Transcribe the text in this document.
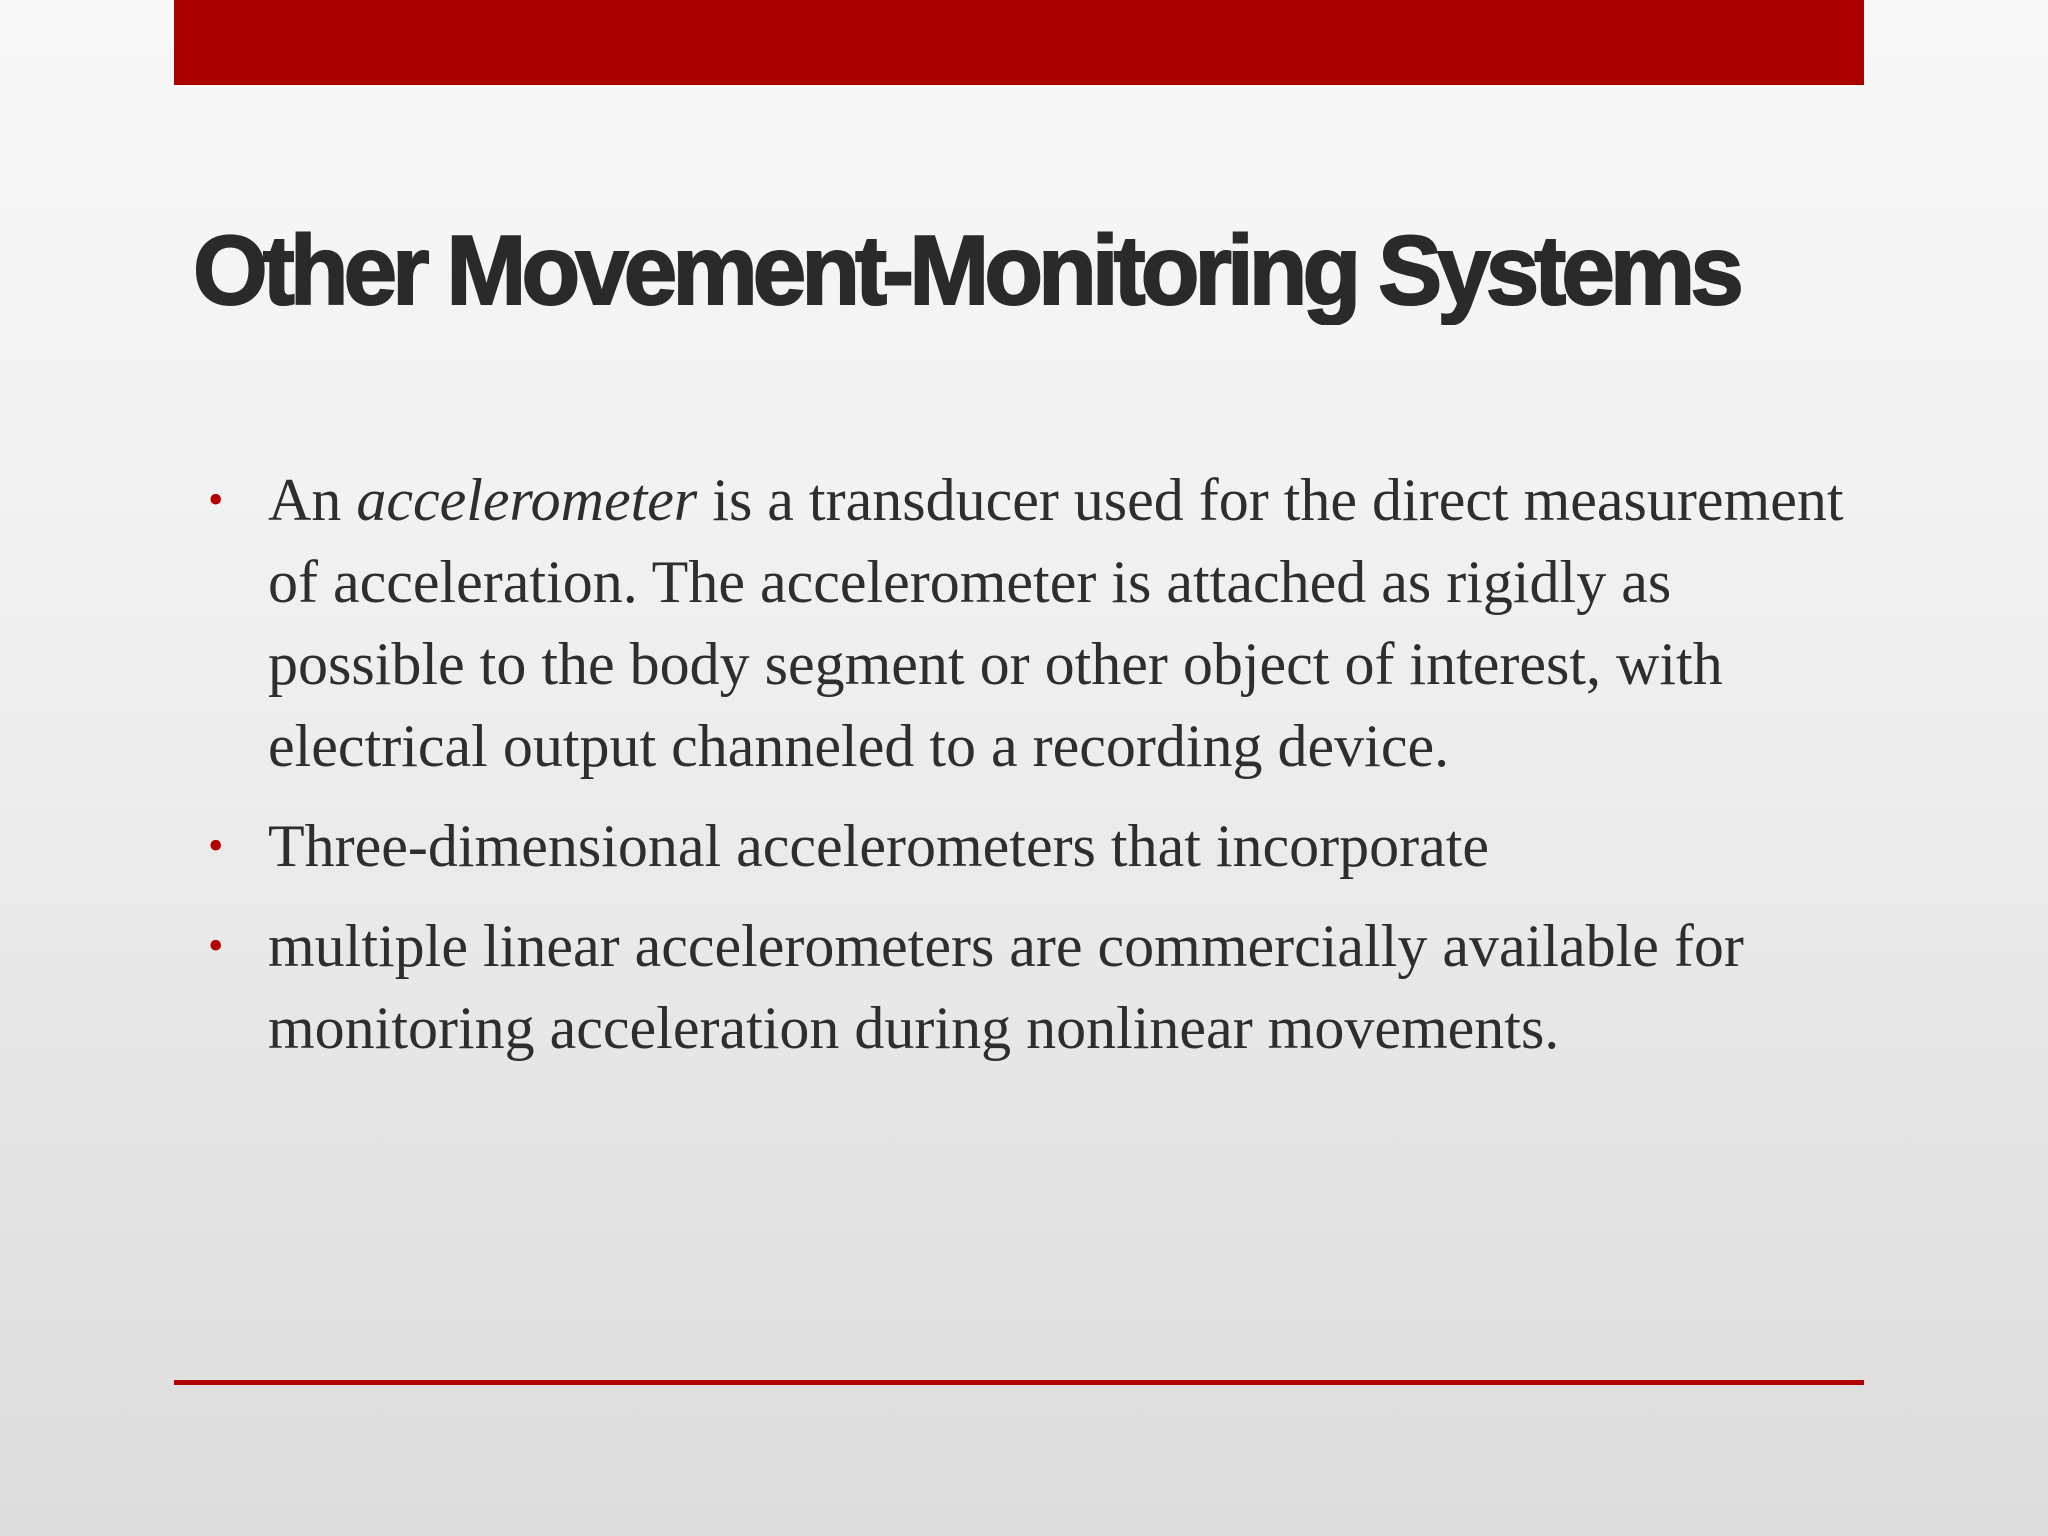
Other Movement-Monitoring Systems
• An accelerometer is a transducer used for the direct measurement of acceleration. The accelerometer is attached as rigidly as possible to the body segment or other object of interest, with electrical output channeled to a recording device.
• Three-dimensional accelerometers that incorporate
• multiple linear accelerometers are commercially available for monitoring acceleration during nonlinear movements.
